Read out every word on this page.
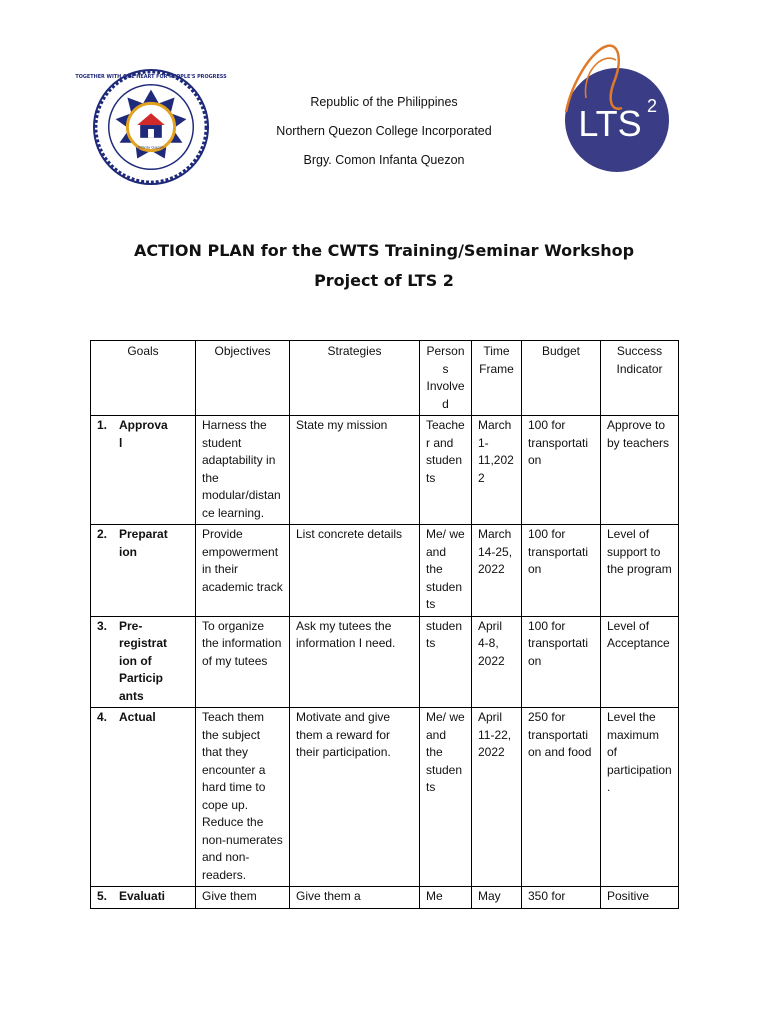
TOGETHER WITH ONE HEART FOR PEOPLE'S PROGRESS
Infanta Quezon
Republic of the Philippines
Northern Quezon College Incorporated
Brgy. Comon Infanta Quezon
LTS 2
ACTION PLAN for the CWTS Training/Seminar Workshop
Project of LTS 2
Goals	Objectives	Strategies	Persons Involved	Time Frame	Budget	Success Indicator
1. Approval	Harness the student adaptability in the modular/distance learning.	State my mission	Teacher and students	March 1-11,2022	100 for transportation	Approve to by teachers
2. Preparation	Provide empowerment in their academic track	List concrete details	Me/ we and the students	March 14-25, 2022	100 for transportation	Level of support to the program
3. Pre-registration of Participants	To organize the information of my tutees	Ask my tutees the information I need.	students	April 4-8, 2022	100 for transportation	Level of Acceptance
4. Actual	Teach them the subject that they encounter a hard time to cope up. Reduce the non-numerates and non-readers.	Motivate and give them a reward for their participation.	Me/ we and the students	April 11-22, 2022	250 for transportation and food	Level the maximum of participation.
5. Evaluati	Give them	Give them a	Me	May	350 for	Positive
